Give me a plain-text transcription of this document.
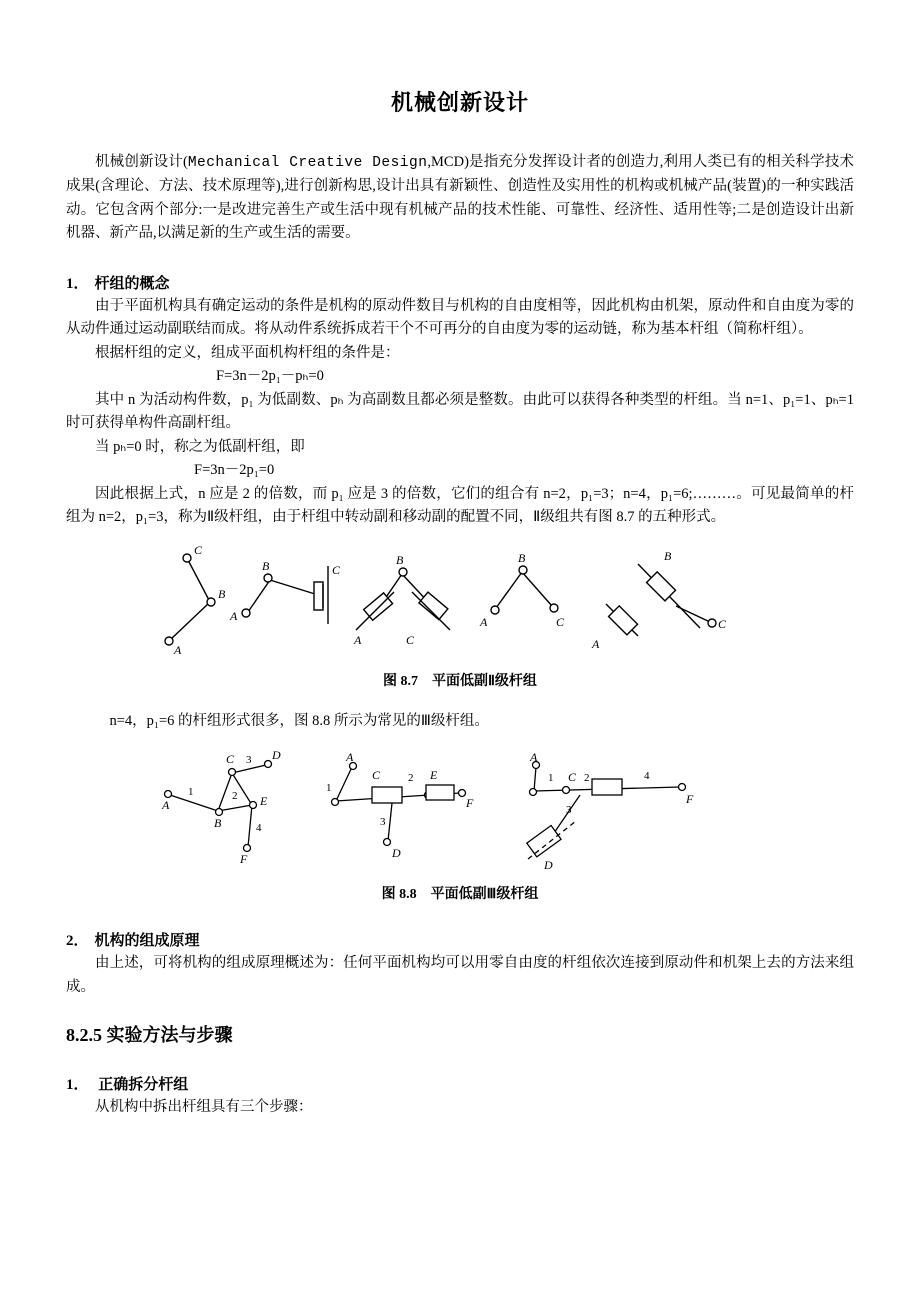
机械创新设计

机械创新设计(Mechanical Creative Design,MCD)是指充分发挥设计者的创造力,利用人类已有的相关科学技术成果(含理论、方法、技术原理等),进行创新构思,设计出具有新颖性、创造性及实用性的机构或机械产品(装置)的一种实践活动。它包含两个部分:一是改进完善生产或生活中现有机械产品的技术性能、可靠性、经济性、适用性等;二是创造设计出新机器、新产品,以满足新的生产或生活的需要。

1． 杆组的概念

由于平面机构具有确定运动的条件是机构的原动件数目与机构的自由度相等，因此机构由机架，原动件和自由度为零的从动件通过运动副联结而成。将从动件系统拆成若干个不可再分的自由度为零的运动链，称为基本杆组（简称杆组）。

根据杆组的定义，组成平面机构杆组的条件是：

F=3n－2p₁－pₕ=0

其中 n 为活动构件数，p₁ 为低副数、pₕ 为高副数且都必须是整数。由此可以获得各种类型的杆组。当 n=1、p₁=1、pₕ=1 时可获得单构件高副杆组。

当 pₕ=0 时，称之为低副杆组，即

F=3n－2p₁=0

因此根据上式，n 应是 2 的倍数，而 p₁ 应是 3 的倍数，它们的组合有 n=2，p₁=3；n=4，p₁=6;………。可见最简单的杆组为 n=2，p₁=3，称为Ⅱ级杆组，由于杆组中转动副和移动副的配置不同，Ⅱ级组共有图 8.7 的五种形式。

C
B
A
B	C
A
B
A	C
B
A	C
B
A
C
图 8.7 平面低副Ⅱ级杆组

n=4，p₁=6 的杆组形式很多，图 8.8 所示为常见的Ⅲ级杆组。

A
1
B
C 3 D
2 E
4
F
A
1
C	2 E
3
D
F
A
1 C 2
3
D
4
F
图 8.8 平面低副Ⅲ级杆组
2． 机构的组成原理

由上述，可将机构的组成原理概述为：任何平面机构均可以用零自由度的杆组依次连接到原动件和机架上去的方法来组成。

8.2.5 实验方法与步骤
1． 正确拆分杆组

从机构中拆出杆组具有三个步骤：
